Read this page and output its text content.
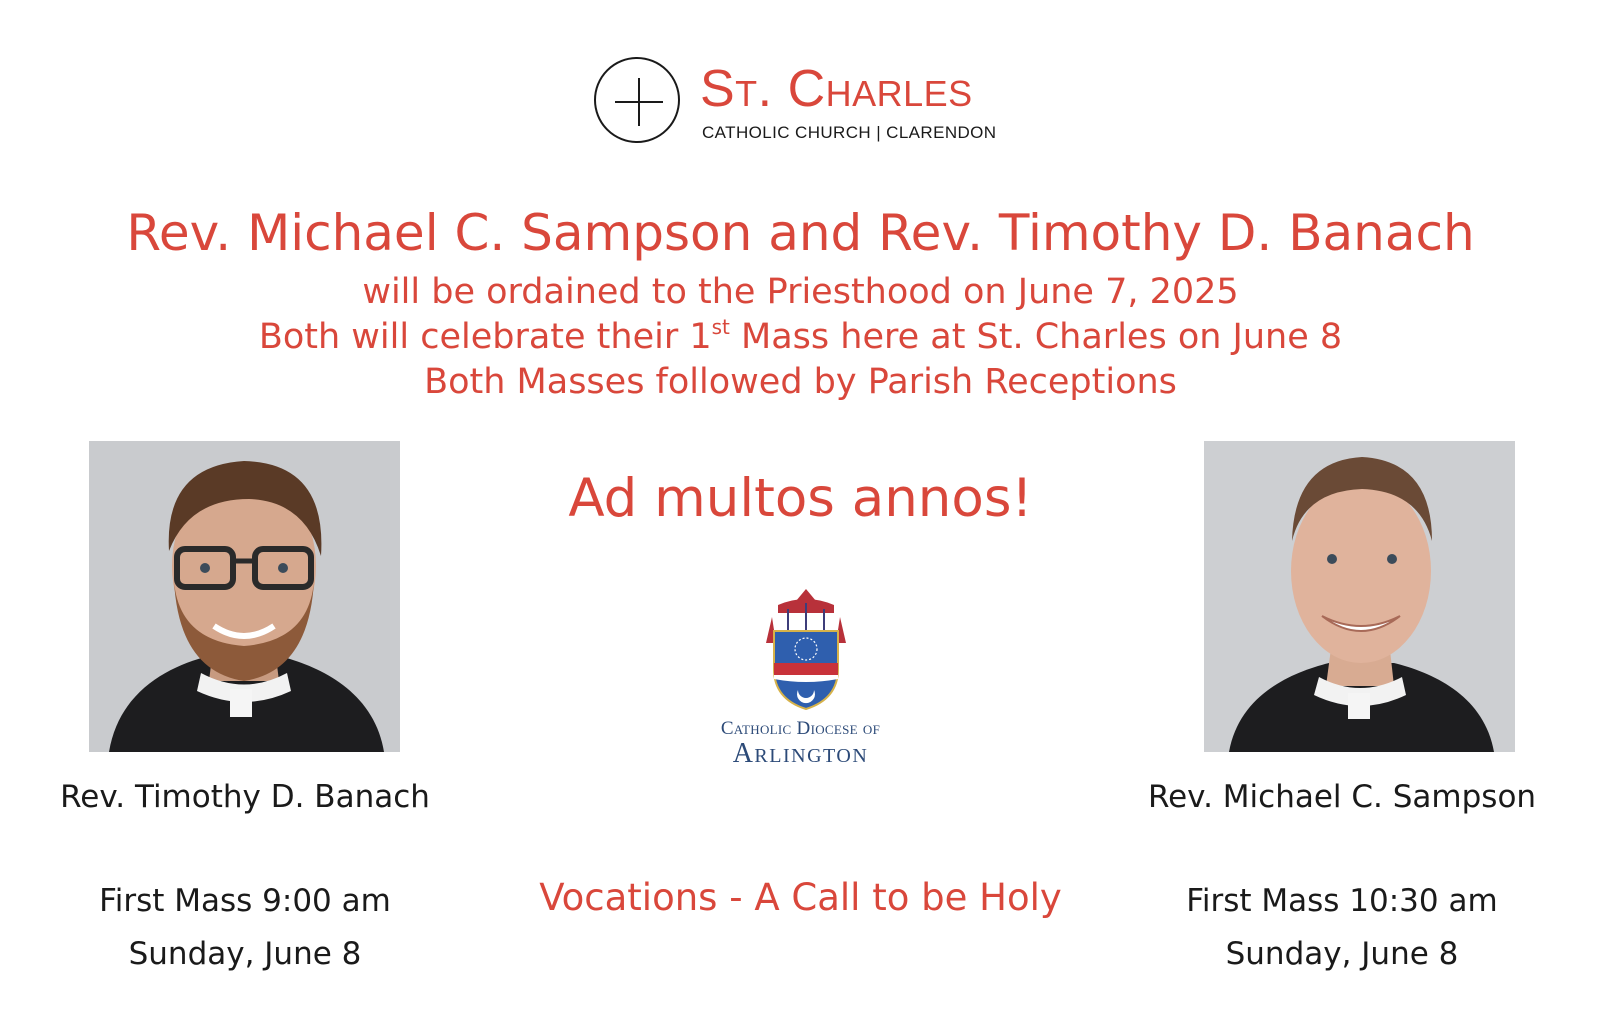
St. Charles
CATHOLIC CHURCH | CLARENDON
Rev. Michael C. Sampson and Rev. Timothy D. Banach
will be ordained to the Priesthood on June 7, 2025
Both will celebrate their 1st Mass here at St. Charles on June 8
Both Masses followed by Parish Receptions
Ad multos annos!
Rev. Timothy D. Banach
First Mass 9:00 am
Sunday, June 8
Rev. Michael C. Sampson
First Mass 10:30 am
Sunday, June 8
Catholic Diocese of
Arlington
Vocations - A Call to be Holy
